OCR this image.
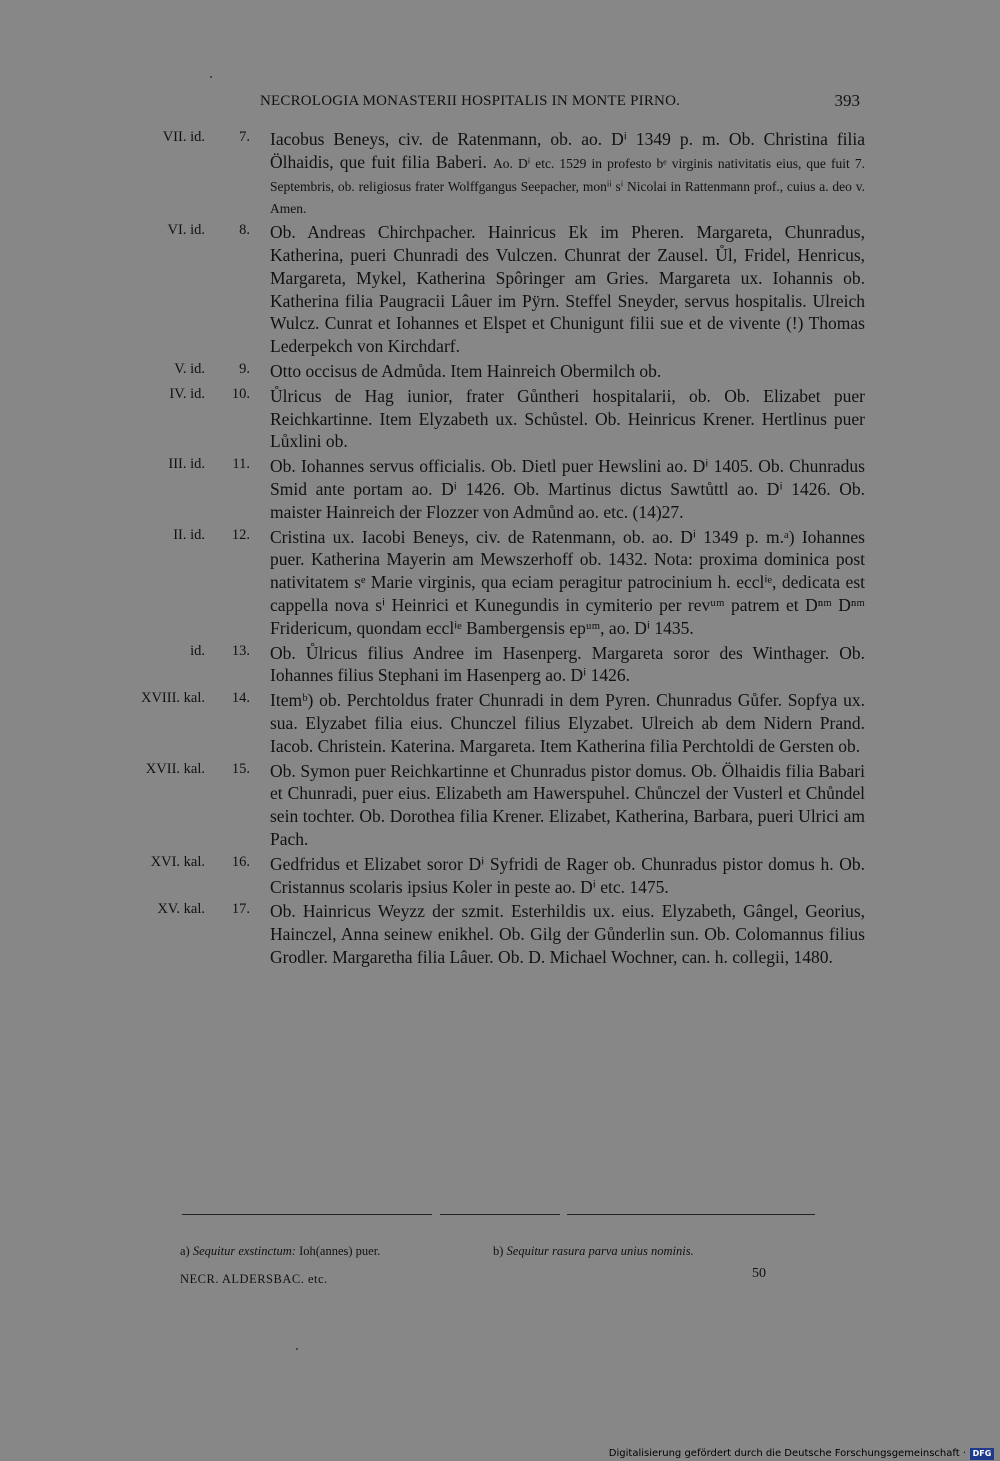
NECROLOGIA MONASTERII HOSPITALIS IN MONTE PIRNO.	393
VII. id.	7. Iacobus Beneys, civ. de Ratenmann, ob. ao. Dⁱ 1349 p. m. Ob. Christina filia Ölhaidis, que fuit filia Baberi. Ao. Dⁱ etc. 1529 in profesto bᵉ virginis nativitatis eius, que fuit 7. Septembris, ob. religiosus frater Wolffgangus Seepacher, monⁱⁱ sⁱ Nicolai in Rattenmann prof., cuius a. deo v. Amen.
VI. id.	8. Ob. Andreas Chirchpacher. Hainricus Ek im Pheren. Margareta, Chunradus, Katherina, pueri Chunradi des Vulczen. Chunrat der Zausel. Ůl, Fridel, Henricus, Margareta, Mykel, Katherina Spôringer am Gries. Margareta ux. Iohannis ob. Katherina filia Paugracii Lâuer im Pÿrn. Steffel Sneyder, servus hospitalis. Ulreich Wulcz. Cunrat et Iohannes et Elspet et Chunigunt filii sue et de vivente (!) Thomas Lederpekch von Kirchdarf.
V. id.	9. Otto occisus de Admůda. Item Hainreich Obermilch ob.
IV. id.	10. Ůlricus de Hag iunior, frater Gůntheri hospitalarii, ob. Ob. Elizabet puer Reichkartinne. Item Elyzabeth ux. Schůstel. Ob. Heinricus Krener. Hertlinus puer Lůxlini ob.
III. id.	11. Ob. Iohannes servus officialis. Ob. Dietl puer Hewslini ao. Dⁱ 1405. Ob. Chunradus Smid ante portam ao. Dⁱ 1426. Ob. Martinus dictus Sawtůttl ao. Dⁱ 1426. Ob. maister Hainreich der Flozzer von Admůnd ao. etc. (14)27.
II. id.	12. Cristina ux. Iacobi Beneys, civ. de Ratenmann, ob. ao. Dⁱ 1349 p. m.ᵃ) Iohannes puer. Katherina Mayerin am Mewszerhoff ob. 1432. Nota: proxima dominica post nativitatem sᵉ Marie virginis, qua eciam peragitur patrocinium h. ecclⁱᵉ, dedicata est cappella nova sⁱ Heinrici et Kunegundis in cymiterio per revᵘᵐ patrem et Dⁿᵐ Dⁿᵐ Fridericum, quondam ecclⁱᵉ Bambergensis epᵘᵐ, ao. Dⁱ 1435.
id.	13. Ob. Ůlricus filius Andree im Hasenperg. Margareta soror des Winthager. Ob. Iohannes filius Stephani im Hasenperg ao. Dⁱ 1426.
XVIII. kal.	14. Itemᵇ) ob. Perchtoldus frater Chunradi in dem Pyren. Chunradus Gůfer. Sopfya ux. sua. Elyzabet filia eius. Chunczel filius Elyzabet. Ulreich ab dem Nidern Prand. Iacob. Christein. Katerina. Margareta. Item Katherina filia Perchtoldi de Gersten ob.
XVII. kal.	15. Ob. Symon puer Reichkartinne et Chunradus pistor domus. Ob. Ölhaidis filia Babari et Chunradi, puer eius. Elizabeth am Hawerspuhel. Chůnczel der Vusterl et Chůndel sein tochter. Ob. Dorothea filia Krener. Elizabet, Katherina, Barbara, pueri Ulrici am Pach.
XVI. kal.	16. Gedfridus et Elizabet soror Dⁱ Syfridi de Rager ob. Chunradus pistor domus h. Ob. Cristannus scolaris ipsius Koler in peste ao. Dⁱ etc. 1475.
XV. kal.	17. Ob. Hainricus Weyzz der szmit. Esterhildis ux. eius. Elyzabeth, Gângel, Georius, Hainczel, Anna seinew enikhel. Ob. Gilg der Gůnderlin sun. Ob. Colomannus filius Grodler. Margaretha filia Lâuer. Ob. D. Michael Wochner, can. h. collegii, 1480.
a) Sequitur exstinctum: Ioh(annes) puer.	b) Sequitur rasura parva unius nominis.
NECR. ALDERSBAC. etc.	50
Digitalisierung gefördert durch die Deutsche Forschungsgemeinschaft · DFG
